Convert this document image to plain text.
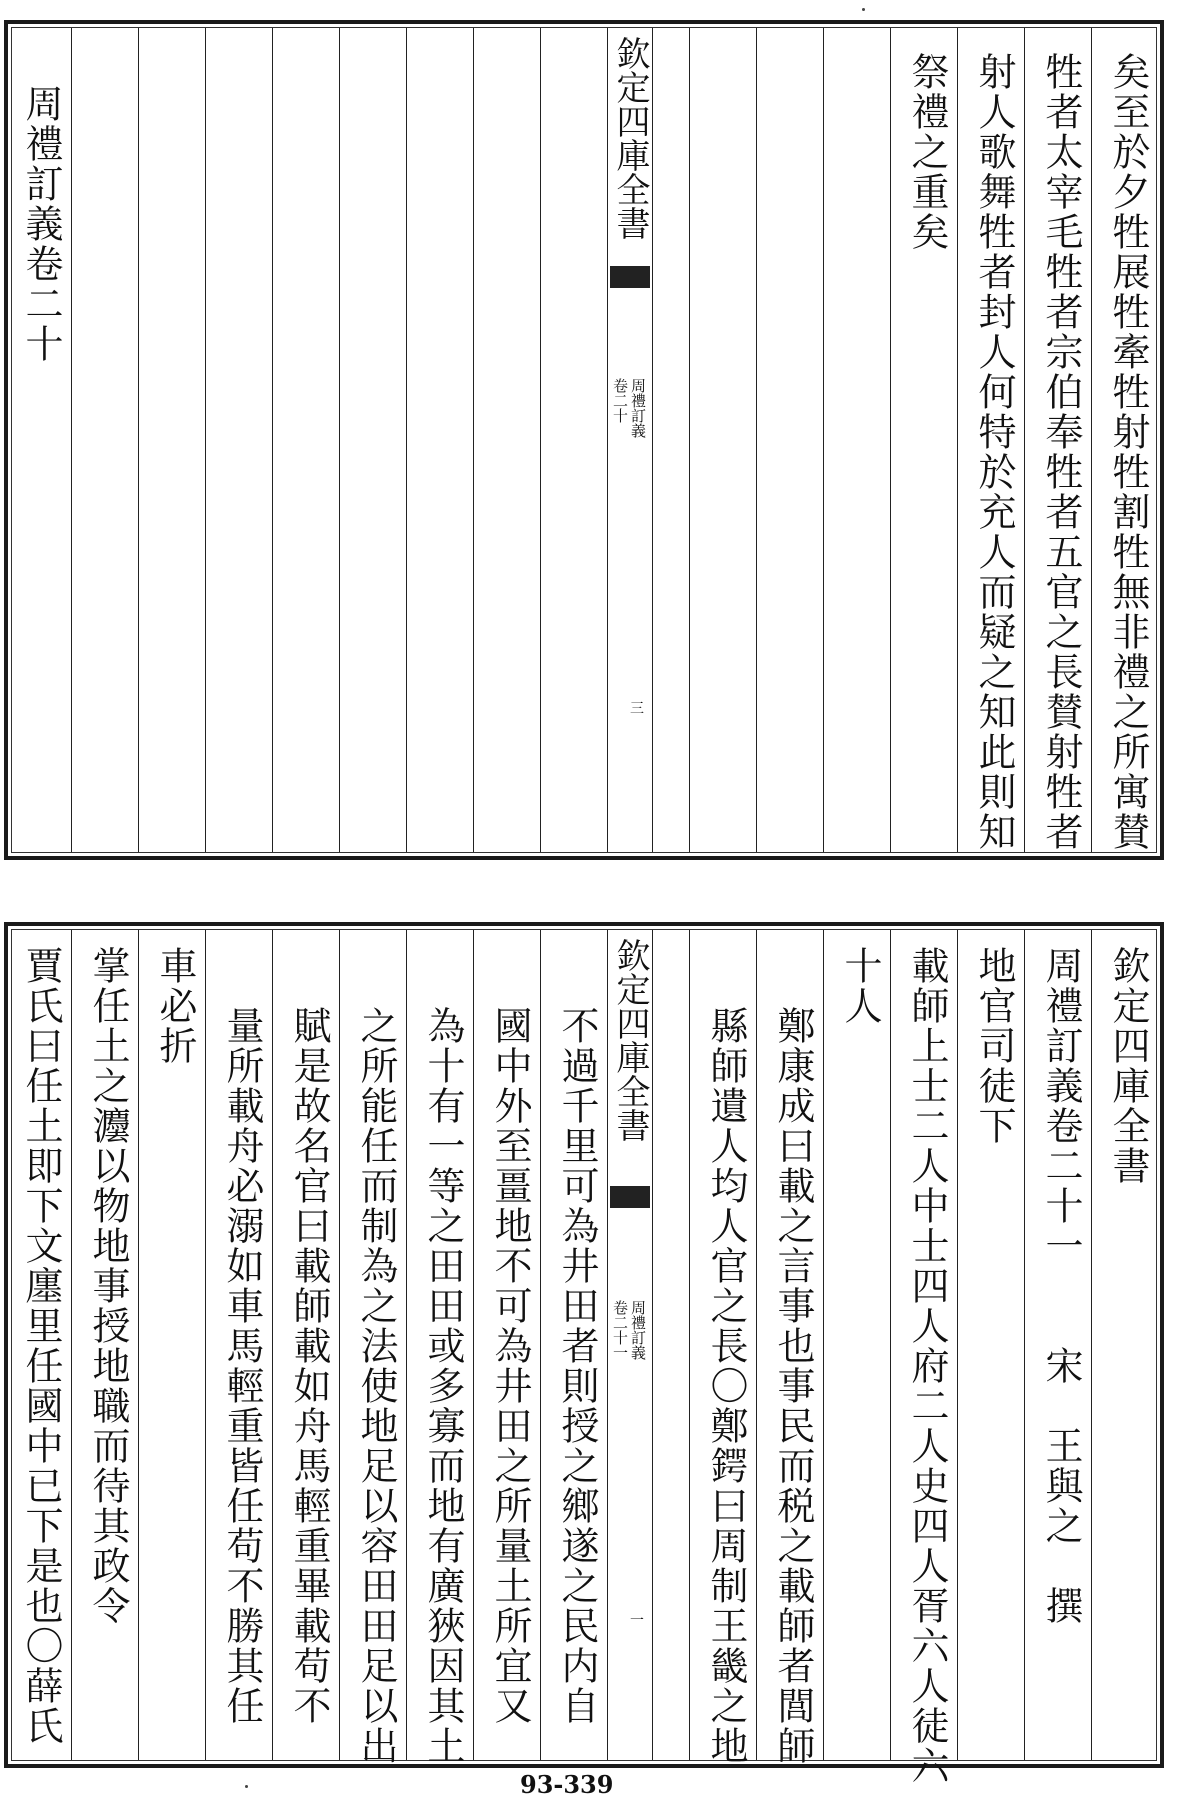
矣至於夕牲展牲牽牲射牲割牲無非禮之所寓賛
牲者太宰毛牲者宗伯奉牲者五官之長賛射牲者
射人歌舞牲者封人何特於充人而疑之知此則知
祭禮之重矣
欽定四庫全書
周禮訂義
卷二十
三
周禮訂義卷二十
欽定四庫全書
周禮訂義卷二十一　　宋　王與之　撰
地官司徒下
載師上士二人中士四人府二人史四人胥六人徒六
十人
鄭康成曰載之言事也事民而税之載師者閭師
縣師遺人均人官之長〇鄭鍔曰周制王畿之地
欽定四庫全書
周禮訂義
卷二十一
一
不過千里可為井田者則授之鄉遂之民内自
國中外至畺地不可為井田之所量土所宜又
為十有一等之田田或多寡而地有廣狹因其土
之所能任而制為之法使地足以容田田足以出
賦是故名官曰載師載如舟馬輕重畢載苟不
量所載舟必溺如車馬輕重皆任苟不勝其任
車必折
掌任土之灋以物地事授地職而待其政令
賈氏曰任土即下文廛里任國中已下是也〇薛氏
93-339
